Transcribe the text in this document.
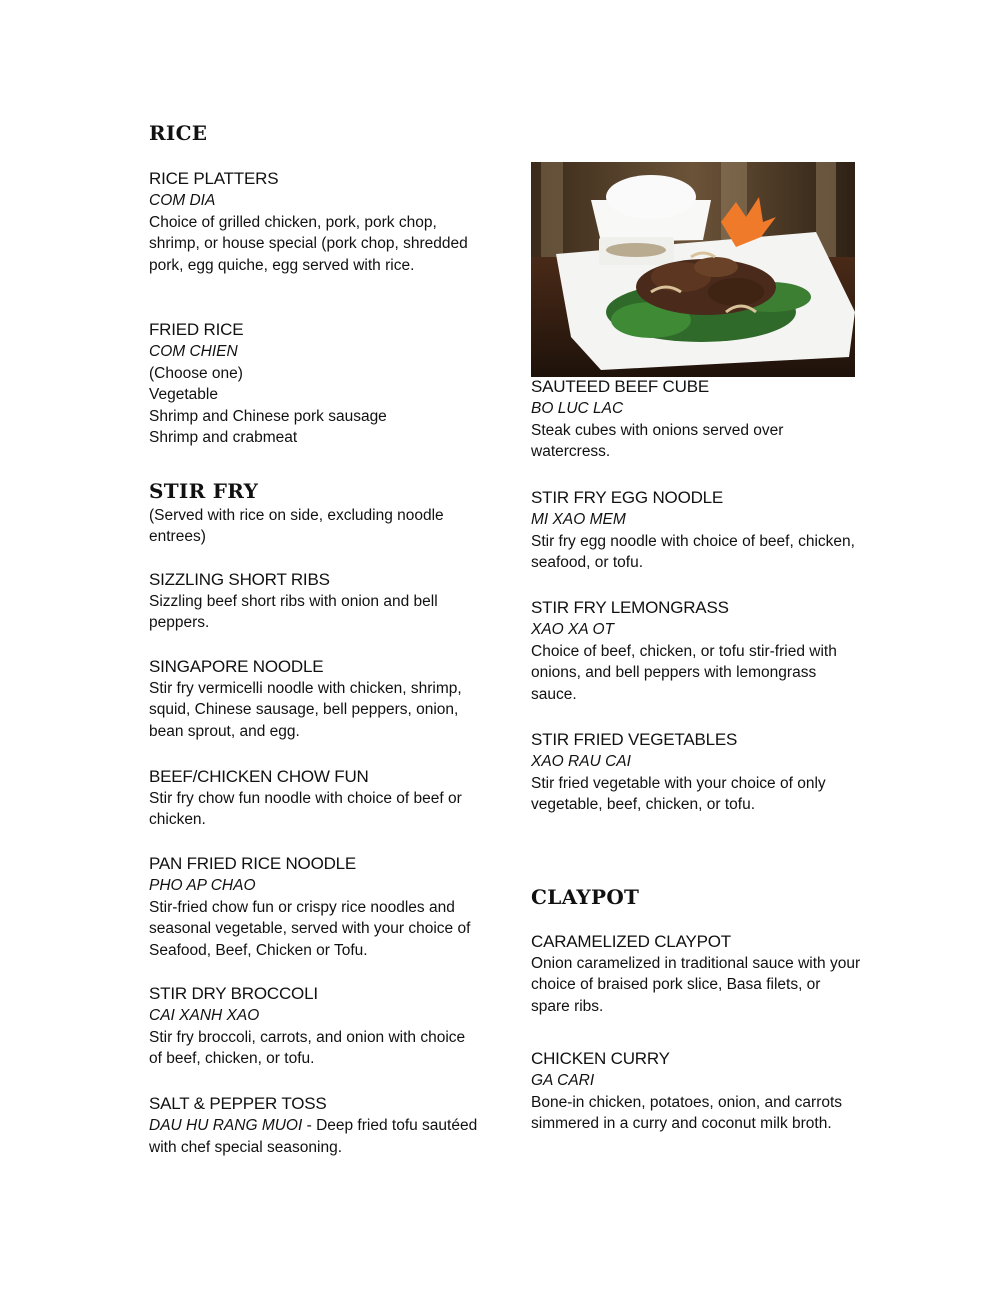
RICE

RICE PLATTERS

COM DIA

Choice of grilled chicken, pork, pork chop, shrimp, or house special (pork chop, shredded pork, egg quiche, egg served with rice.

FRIED RICE

COM CHIEN

(Choose one)

Vegetable

Shrimp and Chinese pork sausage

Shrimp and crabmeat

STIR FRY

(Served with rice on side, excluding noodle entrees)

SIZZLING SHORT RIBS

Sizzling beef short ribs with onion and bell peppers.

SINGAPORE NOODLE

Stir fry vermicelli noodle with chicken, shrimp, squid, Chinese sausage, bell peppers, onion, bean sprout, and egg.

BEEF/CHICKEN CHOW FUN

Stir fry chow fun noodle with choice of beef or chicken.

PAN FRIED RICE NOODLE

PHO AP CHAO

Stir-fried chow fun or crispy rice noodles and seasonal vegetable, served with your choice of Seafood, Beef, Chicken or Tofu.

STIR DRY BROCCOLI

CAI XANH XAO

Stir fry broccoli, carrots, and onion with choice of beef, chicken, or tofu.

SALT & PEPPER TOSS

DAU HU RANG MUOI - Deep fried tofu sautéed with chef special seasoning.

SAUTEED BEEF CUBE

BO LUC LAC

Steak cubes with onions served over watercress.

STIR FRY EGG NOODLE

MI XAO MEM

Stir fry egg noodle with choice of beef, chicken, seafood, or tofu.

STIR FRY LEMONGRASS

XAO XA OT

Choice of beef, chicken, or tofu stir-fried with onions, and bell peppers with lemongrass sauce.

STIR FRIED VEGETABLES

XAO RAU CAI

Stir fried vegetable with your choice of only vegetable, beef, chicken, or tofu.

CLAYPOT

CARAMELIZED CLAYPOT

Onion caramelized in traditional sauce with your choice of braised pork slice, Basa filets, or spare ribs.

CHICKEN CURRY

GA CARI

Bone-in chicken, potatoes, onion, and carrots simmered in a curry and coconut milk broth.
